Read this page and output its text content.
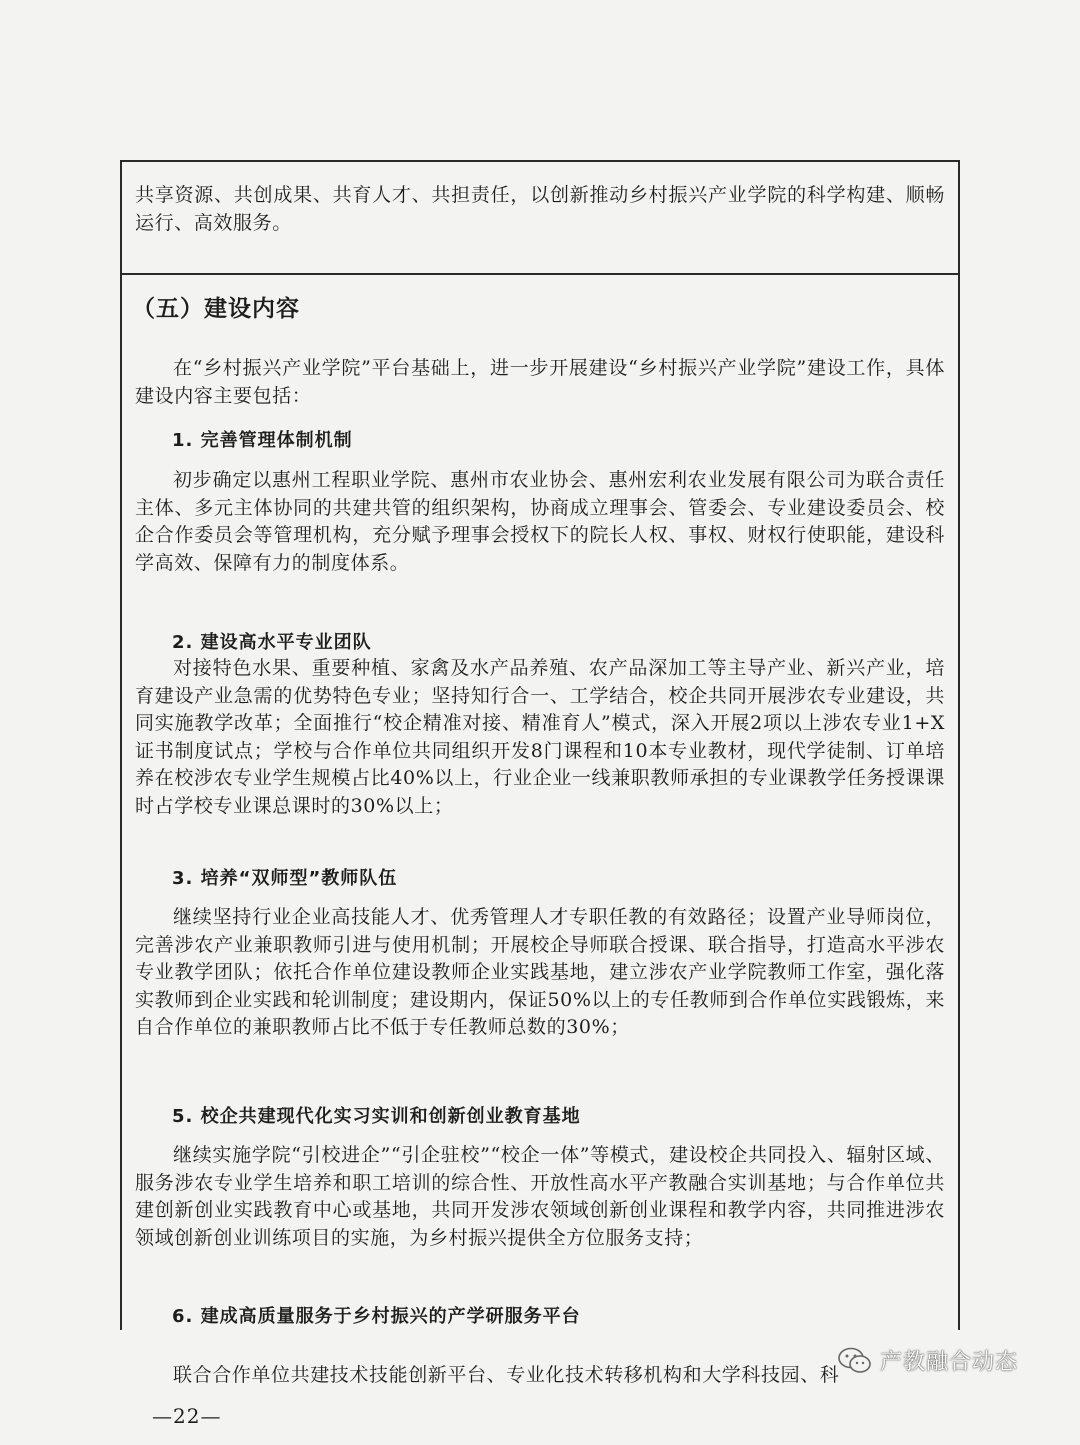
共享资源、共创成果、共育人才、共担责任，以创新推动乡村振兴产业学院的科学构建、顺畅运行、高效服务。

（五）建设内容

在“乡村振兴产业学院”平台基础上，进一步开展建设“乡村振兴产业学院”建设工作，具体建设内容主要包括：

1. 完善管理体制机制

初步确定以惠州工程职业学院、惠州市农业协会、惠州宏利农业发展有限公司为联合责任主体、多元主体协同的共建共管的组织架构，协商成立理事会、管委会、专业建设委员会、校企合作委员会等管理机构，充分赋予理事会授权下的院长人权、事权、财权行使职能，建设科学高效、保障有力的制度体系。

2. 建设高水平专业团队

对接特色水果、重要种植、家禽及水产品养殖、农产品深加工等主导产业、新兴产业，培育建设产业急需的优势特色专业；坚持知行合一、工学结合，校企共同开展涉农专业建设，共同实施教学改革；全面推行“校企精准对接、精准育人”模式，深入开展2项以上涉农专业1+X证书制度试点；学校与合作单位共同组织开发8门课程和10本专业教材，现代学徒制、订单培养在校涉农专业学生规模占比40%以上，行业企业一线兼职教师承担的专业课教学任务授课课时占学校专业课总课时的30%以上；

3. 培养“双师型”教师队伍

继续坚持行业企业高技能人才、优秀管理人才专职任教的有效路径；设置产业导师岗位，完善涉农产业兼职教师引进与使用机制；开展校企导师联合授课、联合指导，打造高水平涉农专业教学团队；依托合作单位建设教师企业实践基地，建立涉农产业学院教师工作室，强化落实教师到企业实践和轮训制度；建设期内，保证50%以上的专任教师到合作单位实践锻炼，来自合作单位的兼职教师占比不低于专任教师总数的30%；

5. 校企共建现代化实习实训和创新创业教育基地

继续实施学院“引校进企”“引企驻校”“校企一体”等模式，建设校企共同投入、辐射区域、服务涉农专业学生培养和职工培训的综合性、开放性高水平产教融合实训基地；与合作单位共建创新创业实践教育中心或基地，共同开发涉农领域创新创业课程和教学内容，共同推进涉农领域创新创业训练项目的实施，为乡村振兴提供全方位服务支持；

6. 建成高质量服务于乡村振兴的产学研服务平台

联合合作单位共建技术技能创新平台、专业化技术转移机构和大学科技园、科	产教融合动态
—22—
